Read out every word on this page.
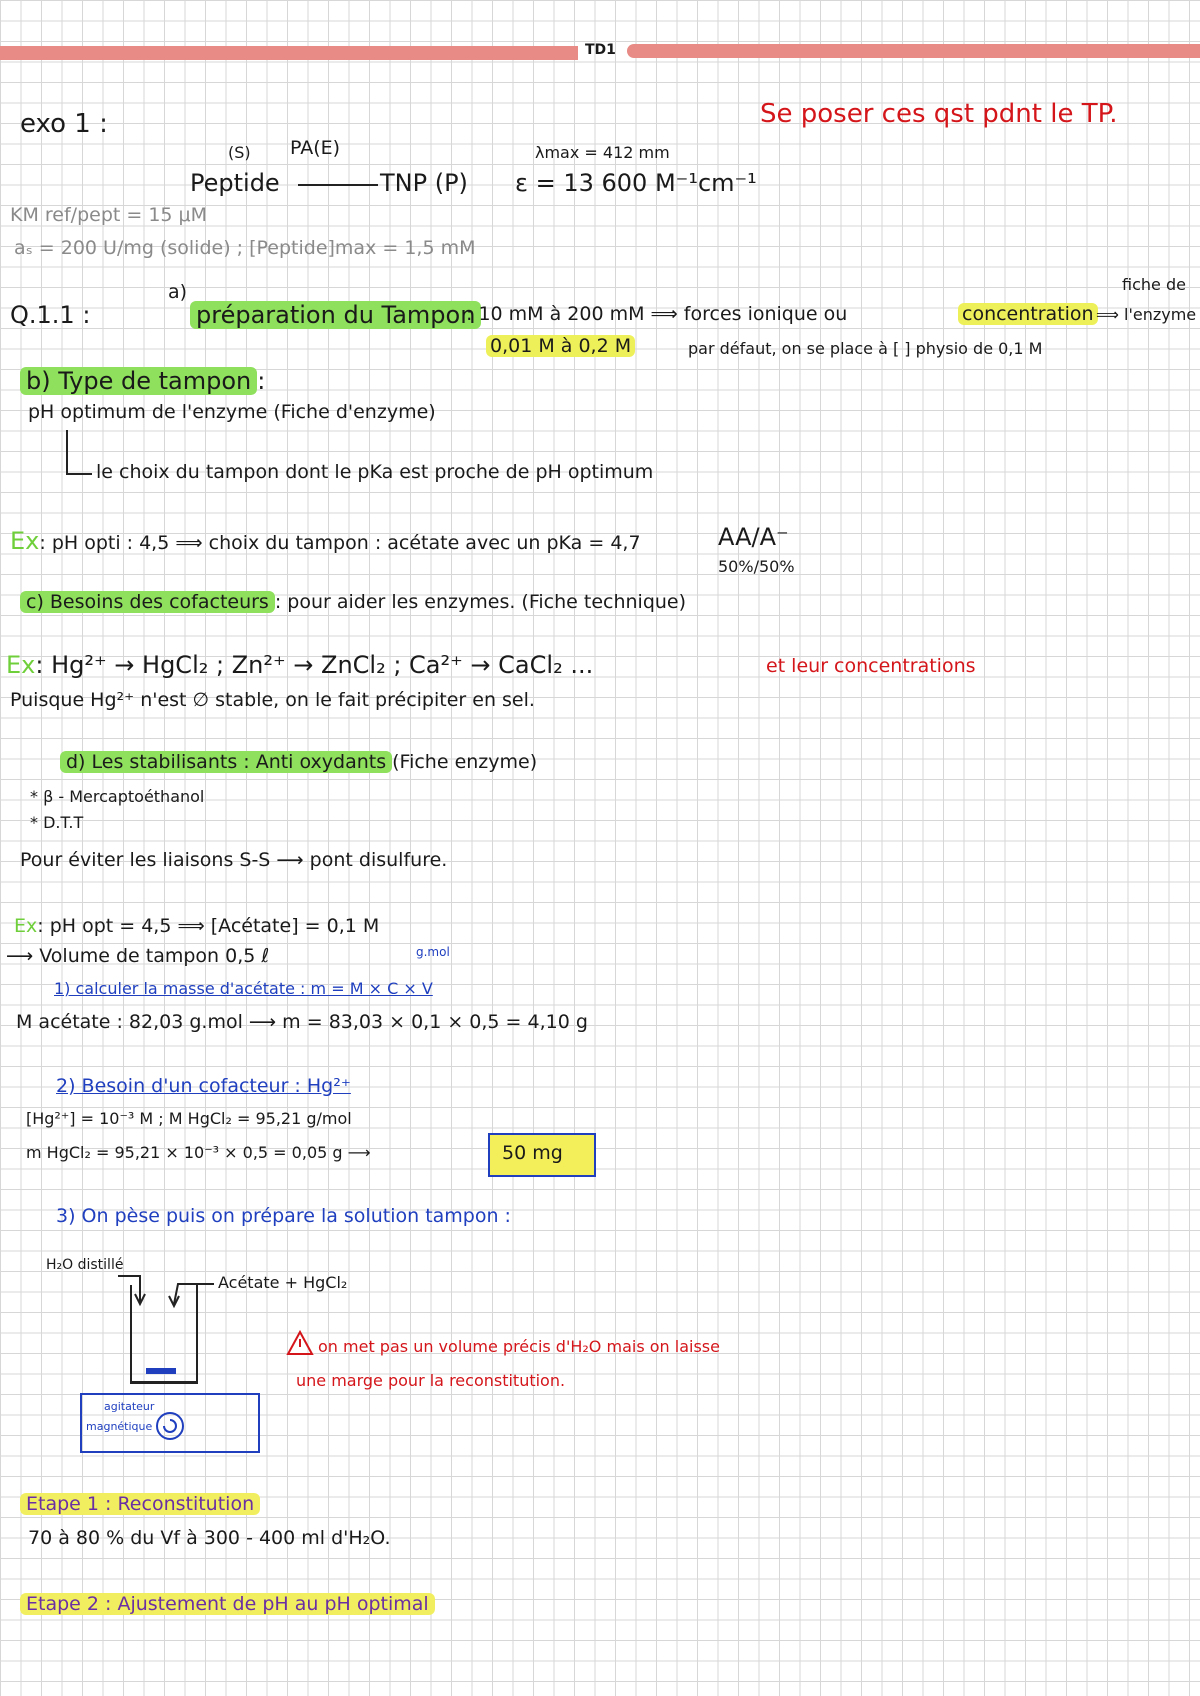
TD1
exo 1 :	Se poser ces qst pdnt le TP.
(S) PA(E)
Peptide	TNP (P)
λmax = 412 mm
ε = 13 600 M⁻¹cm⁻¹
KM ref/pept = 15 μM
aₛ = 200 U/mg (solide) ; [Peptide]max = 1,5 mM
Q.1.1 :
a)
préparation du Tampon
: 10 mM à 200 mM ⟹ forces ionique ou	concentration
fiche de
⟹ l'enzyme
0,01 M à 0,2 M	par défaut, on se place à [ ] physio de 0,1 M
b) Type de tampon :
pH optimum de l'enzyme (Fiche d'enzyme)
le choix du tampon dont le pKa est proche de pH optimum
Ex: pH opti : 4,5 ⟹ choix du tampon : acétate avec un pKa = 4,7	AA/A⁻
50%/50%
c) Besoins des cofacteurs : pour aider les enzymes. (Fiche technique)
Ex: Hg²⁺ → HgCl₂ ; Zn²⁺ → ZnCl₂ ; Ca²⁺ → CaCl₂ ...	et leur concentrations
Puisque Hg²⁺ n'est ∅ stable, on le fait précipiter en sel.
d) Les stabilisants : Anti oxydants (Fiche enzyme)
* β - Mercaptoéthanol
* D.T.T
Pour éviter les liaisons S-S ⟶ pont disulfure.
Ex: pH opt = 4,5 ⟹ [Acétate] = 0,1 M
⟶ Volume de tampon 0,5 ℓ	g.mol
1) calculer la masse d'acétate : m = M × C × V
M acétate : 82,03 g.mol ⟶ m = 83,03 × 0,1 × 0,5 = 4,10 g
2) Besoin d'un cofacteur : Hg²⁺
[Hg²⁺] = 10⁻³ M ; M HgCl₂ = 95,21 g/mol
m HgCl₂ = 95,21 × 10⁻³ × 0,5 = 0,05 g ⟶	50 mg
3) On pèse puis on prépare la solution tampon :
H₂O distillé
Acétate + HgCl₂
agitateur
magnétique
on met pas un volume précis d'H₂O mais on laisse
une marge pour la reconstitution.
Etape 1 : Reconstitution
70 à 80 % du Vf à 300 - 400 ml d'H₂O.
Etape 2 : Ajustement de pH au pH optimal
